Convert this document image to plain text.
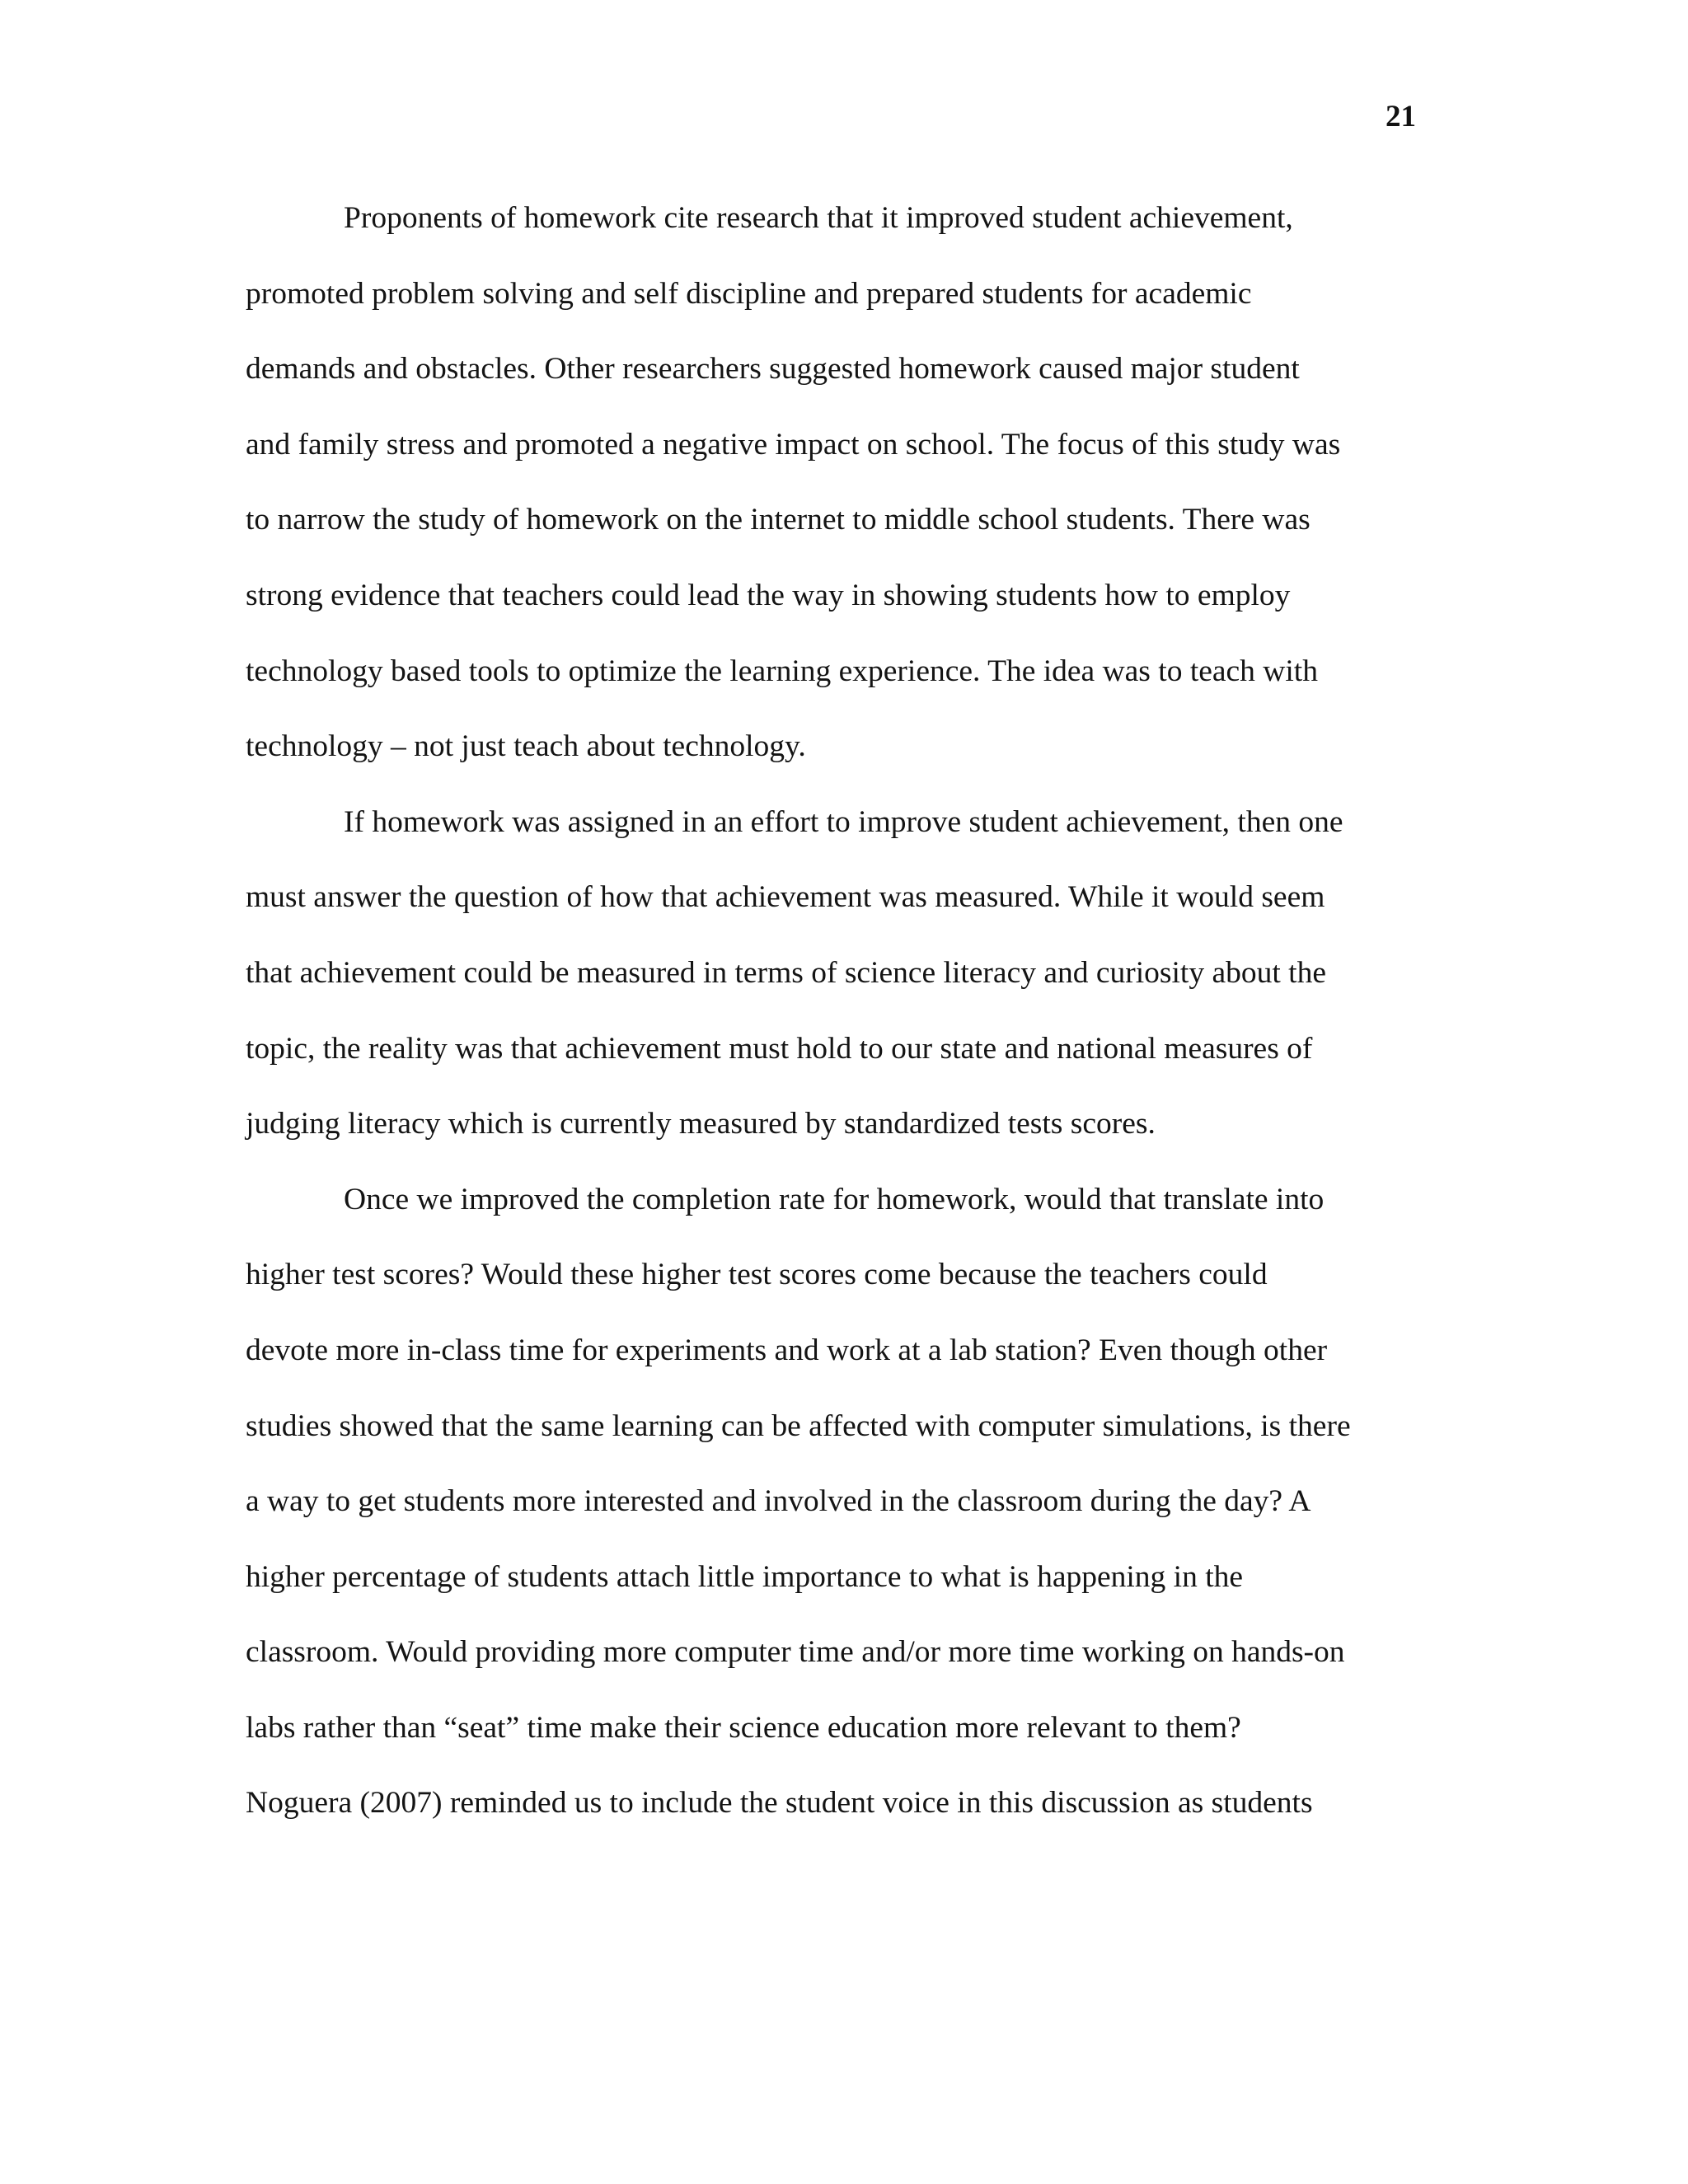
21
Proponents of homework cite research that it improved student achievement,
promoted problem solving and self discipline and prepared students for academic
demands and obstacles. Other researchers suggested homework caused major student
and family stress and promoted a negative impact on school. The focus of this study was
to narrow the study of homework on the internet to middle school students. There was
strong evidence that teachers could lead the way in showing students how to employ
technology based tools to optimize the learning experience. The idea was to teach with
technology – not just teach about technology.
If homework was assigned in an effort to improve student achievement, then one
must answer the question of how that achievement was measured. While it would seem
that achievement could be measured in terms of science literacy and curiosity about the
topic, the reality was that achievement must hold to our state and national measures of
judging literacy which is currently measured by standardized tests scores.
Once we improved the completion rate for homework, would that translate into
higher test scores? Would these higher test scores come because the teachers could
devote more in-class time for experiments and work at a lab station? Even though other
studies showed that the same learning can be affected with computer simulations, is there
a way to get students more interested and involved in the classroom during the day? A
higher percentage of students attach little importance to what is happening in the
classroom. Would providing more computer time and/or more time working on hands-on
labs rather than “seat” time make their science education more relevant to them?
Noguera (2007) reminded us to include the student voice in this discussion as students
